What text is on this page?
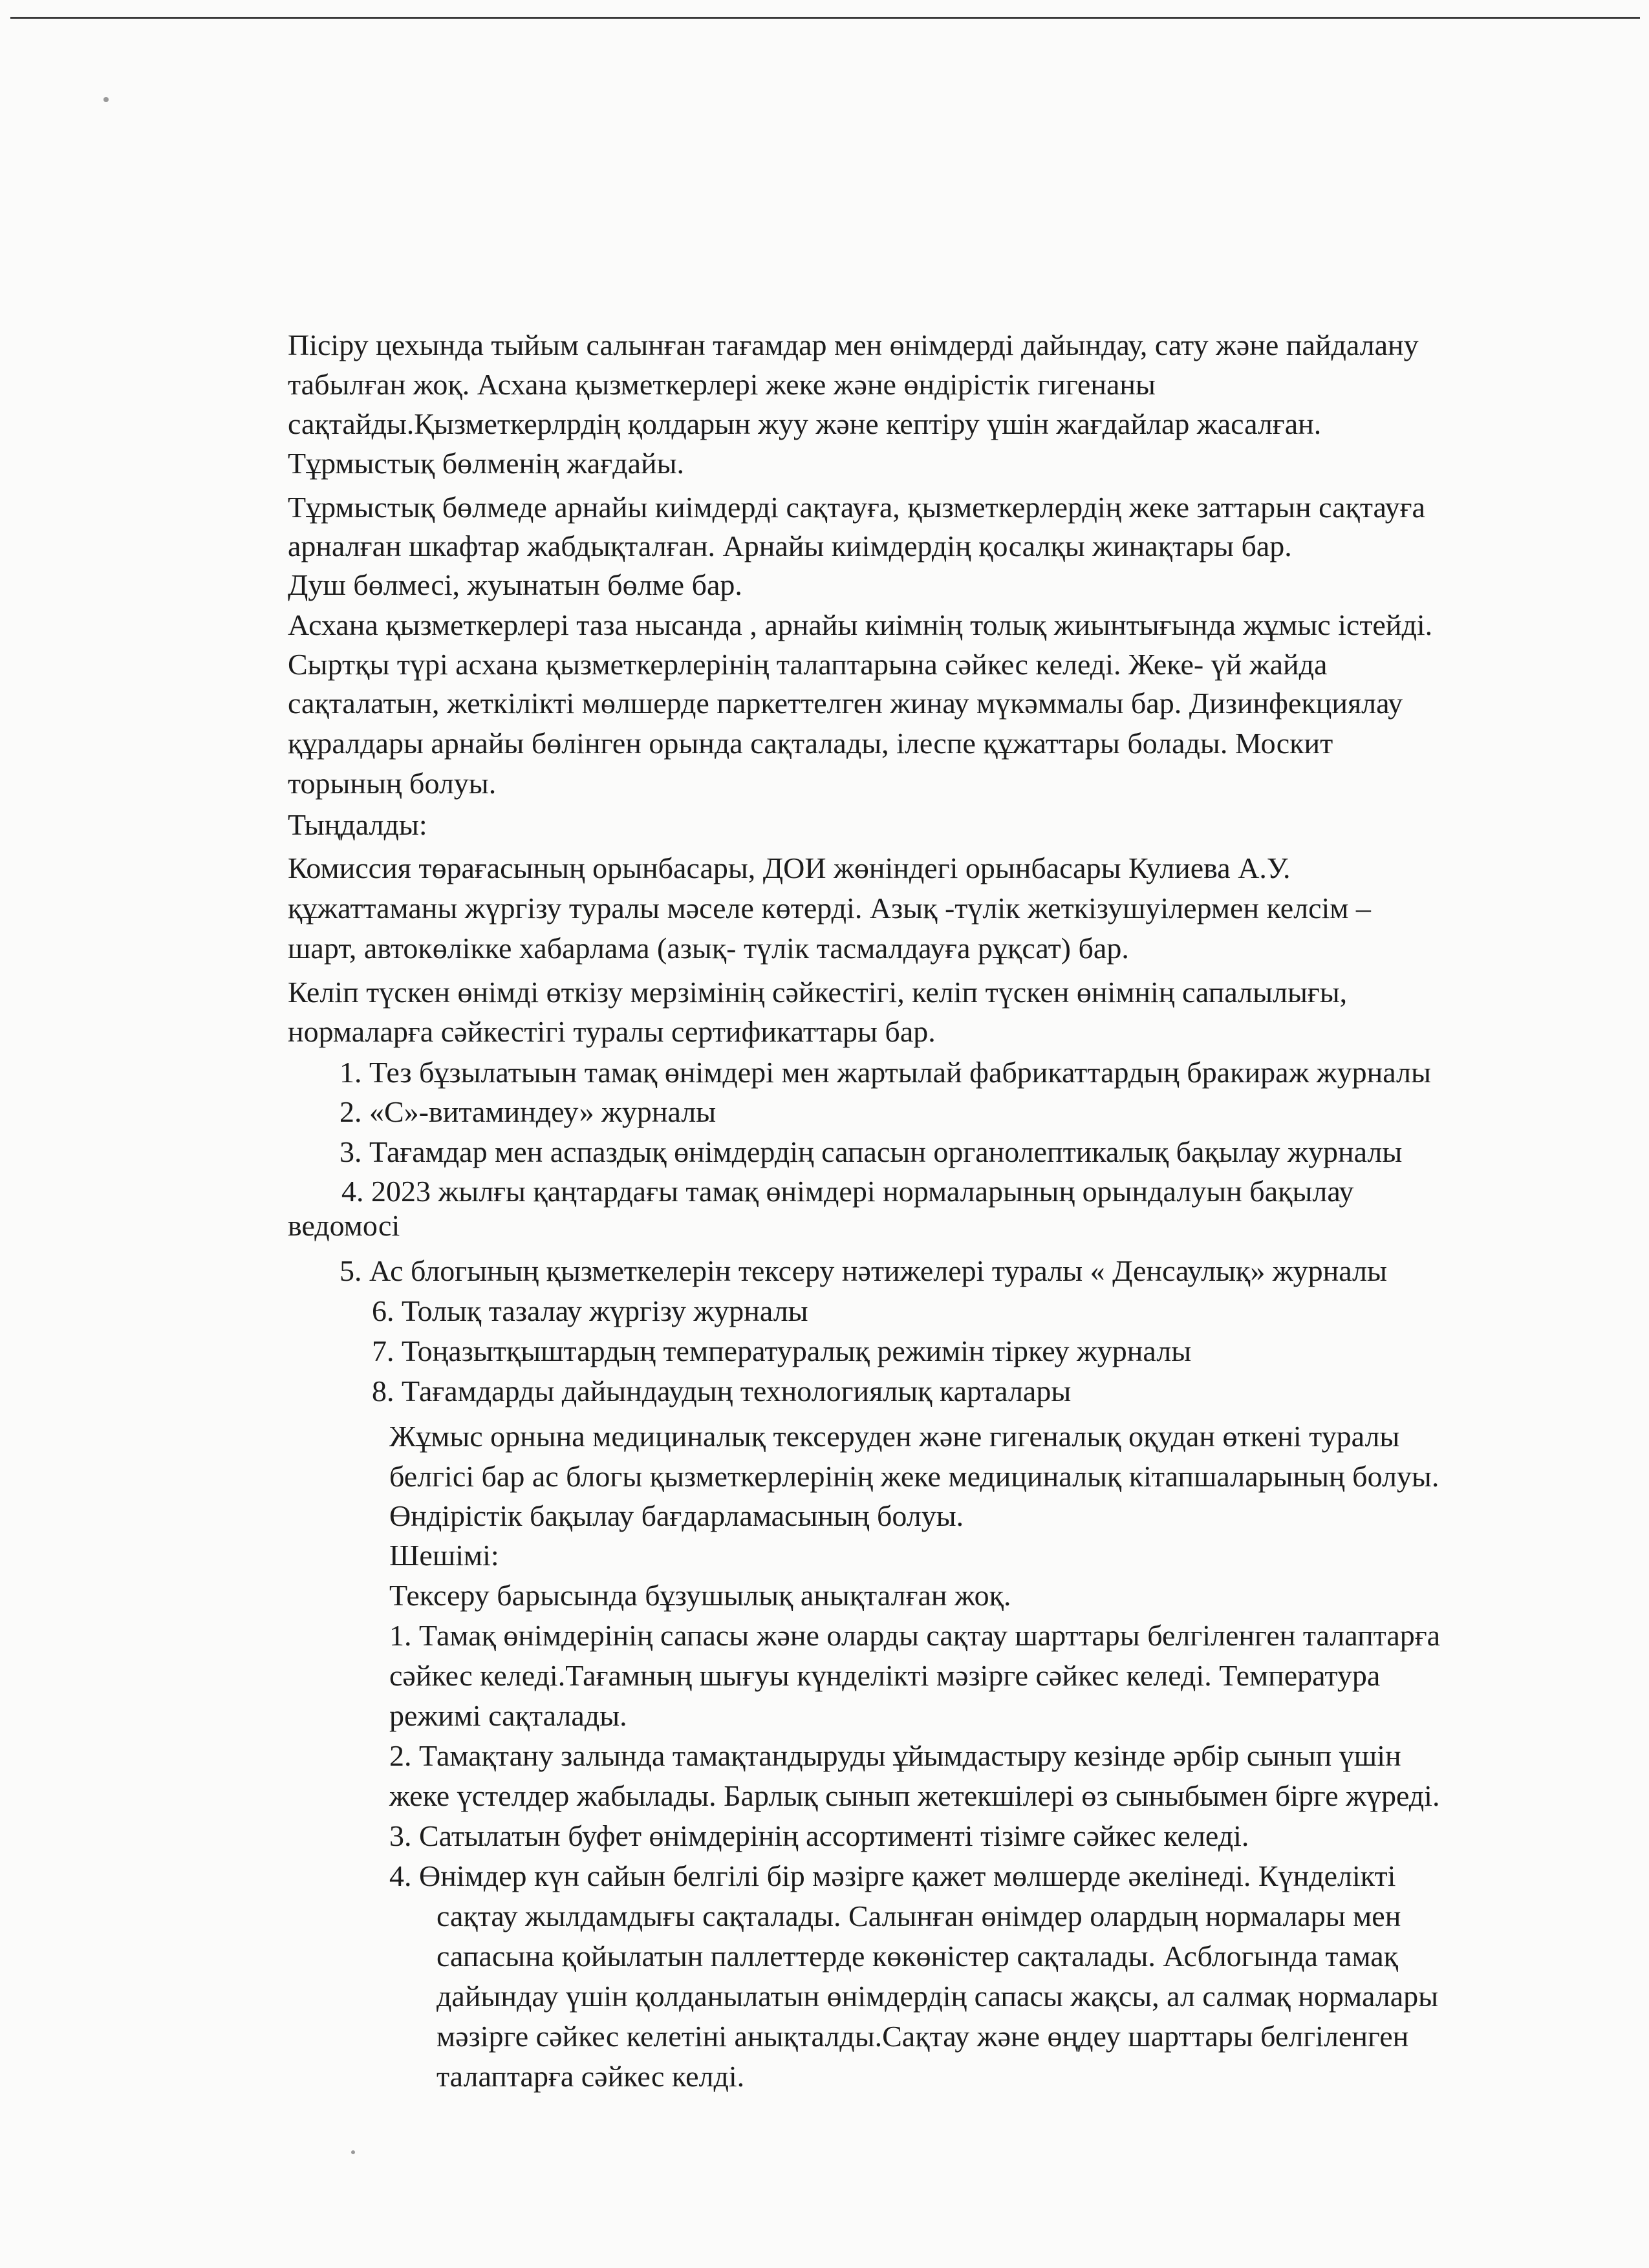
Пісіру цехында тыйым салынған тағамдар мен өнімдерді дайындау, сату және пайдалану

табылған жоқ. Асхана қызметкерлері жеке және өндірістік гигенаны

сақтайды.Қызметкерлрдің қолдарын жуу және кептіру үшін жағдайлар жасалған.

Тұрмыстық бөлменің жағдайы.

Тұрмыстық бөлмеде арнайы киімдерді сақтауға, қызметкерлердің жеке заттарын сақтауға

арналған шкафтар жабдықталған. Арнайы киімдердің қосалқы жинақтары бар.

Душ бөлмесі, жуынатын бөлме бар.

Асхана қызметкерлері таза нысанда , арнайы киімнің толық жиынтығында жұмыс істейді.

Сыртқы түрі асхана қызметкерлерінің талаптарына сәйкес келеді. Жеке- үй жайда

сақталатын, жеткілікті мөлшерде паркеттелген жинау мүкәммалы бар. Дизинфекциялау

құралдары арнайы бөлінген орында сақталады, ілеспе құжаттары болады. Москит

торының болуы.

Тыңдалды:

Комиссия төрағасының орынбасары, ДОИ жөніндегі орынбасары Кулиева А.У.

құжаттаманы жүргізу туралы мәселе көтерді. Азық -түлік жеткізушуілермен келсім –

шарт, автокөлікке хабарлама (азық- түлік тасмалдауға рұқсат) бар.

Келіп түскен өнімді өткізу мерзімінің сәйкестігі, келіп түскен өнімнің сапалылығы,

нормаларға сәйкестігі туралы сертификаттары бар.

1. Тез бұзылатыын тамақ өнімдері мен жартылай фабрикаттардың бракираж журналы

2. «С»-витаминдеу» журналы

3. Тағамдар мен аспаздық өнімдердің сапасын органолептикалық бақылау журналы

4. 2023 жылғы қаңтардағы тамақ өнімдері нормаларының орындалуын бақылау

ведомосі

5. Ас блогының қызметкелерін тексеру нәтижелері туралы « Денсаулық» журналы

6. Толық тазалау жүргізу журналы

7. Тоңазытқыштардың температуралық режимін тіркеу журналы

8. Тағамдарды дайындаудың технологиялық карталары

Жұмыс орнына медициналық тексеруден және гигеналық оқудан өткені туралы

белгісі бар ас блогы қызметкерлерінің жеке медициналық кітапшаларының болуы.

Өндірістік бақылау бағдарламасының болуы.

Шешімі:

Тексеру барысында бұзушылық анықталған жоқ.

1. Тамақ өнімдерінің сапасы және оларды сақтау шарттары белгіленген талаптарға

сәйкес келеді.Тағамның шығуы күнделікті мәзірге сәйкес келеді. Температура

режимі сақталады.

2. Тамақтану залында тамақтандыруды ұйымдастыру кезінде әрбір сынып үшін

жеке үстелдер жабылады. Барлық сынып жетекшілері өз сыныбымен бірге жүреді.

3. Сатылатын буфет өнімдерінің ассортименті тізімге сәйкес келеді.

4. Өнімдер күн сайын белгілі бір мәзірге қажет мөлшерде әкелінеді. Күнделікті

сақтау жылдамдығы сақталады. Салынған өнімдер олардың нормалары мен

сапасына қойылатын паллеттерде көкөністер сақталады. Асблогында тамақ

дайындау үшін қолданылатын өнімдердің сапасы жақсы, ал салмақ нормалары

мәзірге сәйкес келетіні анықталды.Сақтау және өңдеу шарттары белгіленген

талаптарға сәйкес келді.
